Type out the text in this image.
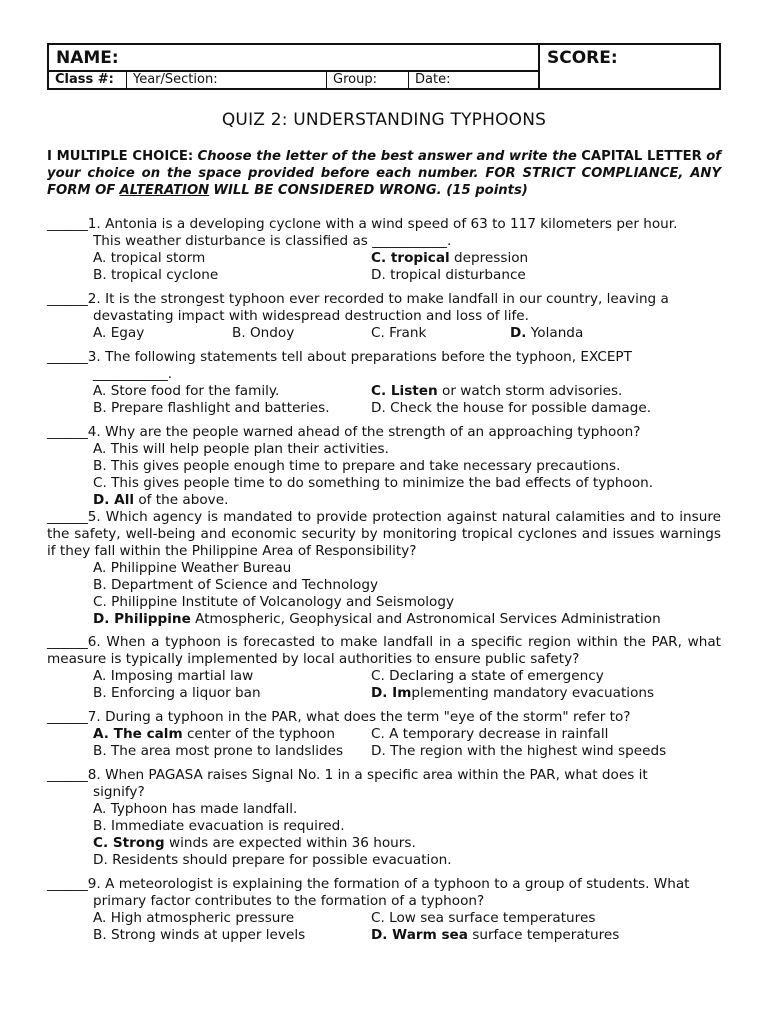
NAME:	SCORE:
Class #:	Year/Section:	Group:	Date:
QUIZ 2: UNDERSTANDING TYPHOONS
I MULTIPLE CHOICE: Choose the letter of the best answer and write the CAPITAL LETTER of your choice on the space provided before each number. FOR STRICT COMPLIANCE, ANY FORM OF ALTERATION WILL BE CONSIDERED WRONG. (15 points)
______1. Antonia is a developing cyclone with a wind speed of 63 to 117 kilometers per hour.
This weather disturbance is classified as ___________.
A. tropical storm	C. tropical depression
B. tropical cyclone	D. tropical disturbance
______2. It is the strongest typhoon ever recorded to make landfall in our country, leaving a
devastating impact with widespread destruction and loss of life.
A. Egay	B. Ondoy	C. Frank	D. Yolanda
______3. The following statements tell about preparations before the typhoon, EXCEPT
___________.
A. Store food for the family.	C. Listen or watch storm advisories.
B. Prepare flashlight and batteries.	D. Check the house for possible damage.
______4. Why are the people warned ahead of the strength of an approaching typhoon?
A. This will help people plan their activities.
B. This gives people enough time to prepare and take necessary precautions.
C. This gives people time to do something to minimize the bad effects of typhoon.
D. All of the above.
______5. Which agency is mandated to provide protection against natural calamities and to insure the safety, well-being and economic security by monitoring tropical cyclones and issues warnings if they fall within the Philippine Area of Responsibility?
A. Philippine Weather Bureau
B. Department of Science and Technology
C. Philippine Institute of Volcanology and Seismology
D. Philippine Atmospheric, Geophysical and Astronomical Services Administration
______6. When a typhoon is forecasted to make landfall in a specific region within the PAR, what measure is typically implemented by local authorities to ensure public safety?
A. Imposing martial law	C. Declaring a state of emergency
B. Enforcing a liquor ban	D. Implementing mandatory evacuations
______7. During a typhoon in the PAR, what does the term "eye of the storm" refer to?
A. The calm center of the typhoon	C. A temporary decrease in rainfall
B. The area most prone to landslides D. The region with the highest wind speeds
______8. When PAGASA raises Signal No. 1 in a specific area within the PAR, what does it
signify?
A. Typhoon has made landfall.
B. Immediate evacuation is required.
C. Strong winds are expected within 36 hours.
D. Residents should prepare for possible evacuation.
______9. A meteorologist is explaining the formation of a typhoon to a group of students. What
primary factor contributes to the formation of a typhoon?
A. High atmospheric pressure	C. Low sea surface temperatures
B. Strong winds at upper levels	D. Warm sea surface temperatures
